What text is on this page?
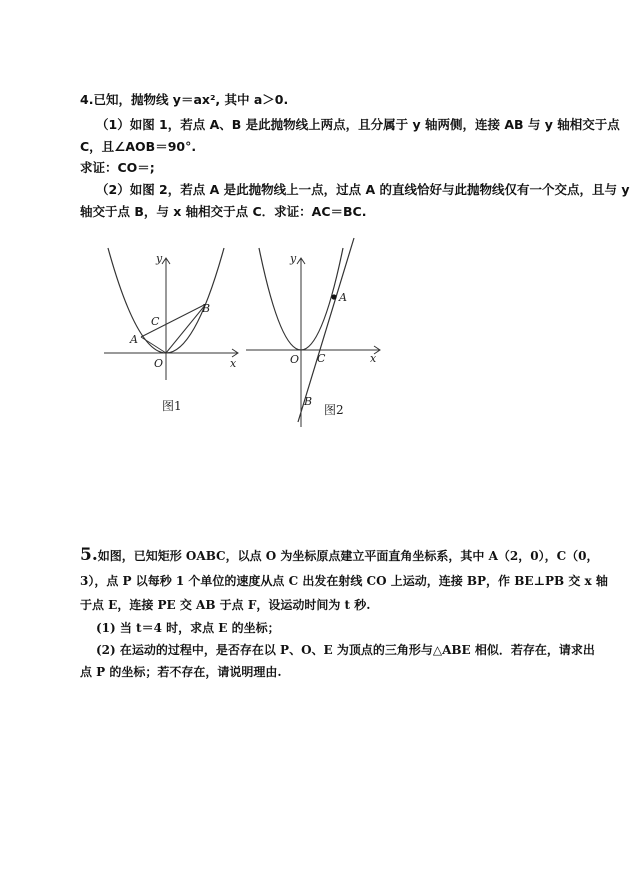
4.已知，抛物线 y＝ax², 其中 a＞0.
（1）如图 1，若点 A、B 是此抛物线上两点，且分属于 y 轴两侧，连接 AB 与 y 轴相交于点
C，且∠AOB＝90°.
求证：CO＝;
（2）如图 2，若点 A 是此抛物线上一点，过点 A 的直线恰好与此抛物线仅有一个交点，且与 y
轴交于点 B，与 x 轴相交于点 C．求证：AC＝BC.
y
x
O
A
B
C
图1
y
x
O
A
C
B
图2
5.如图，已知矩形 OABC，以点 O 为坐标原点建立平面直角坐标系，其中 A（2，0），C（0，
3），点 P 以每秒 1 个单位的速度从点 C 出发在射线 CO 上运动，连接 BP，作 BE⊥PB 交 x 轴
于点 E，连接 PE 交 AB 于点 F，设运动时间为 t 秒.
(1) 当 t＝4 时，求点 E 的坐标；
(2) 在运动的过程中，是否存在以 P、O、E 为顶点的三角形与△ABE 相似．若存在，请求出
点 P 的坐标；若不存在，请说明理由.
